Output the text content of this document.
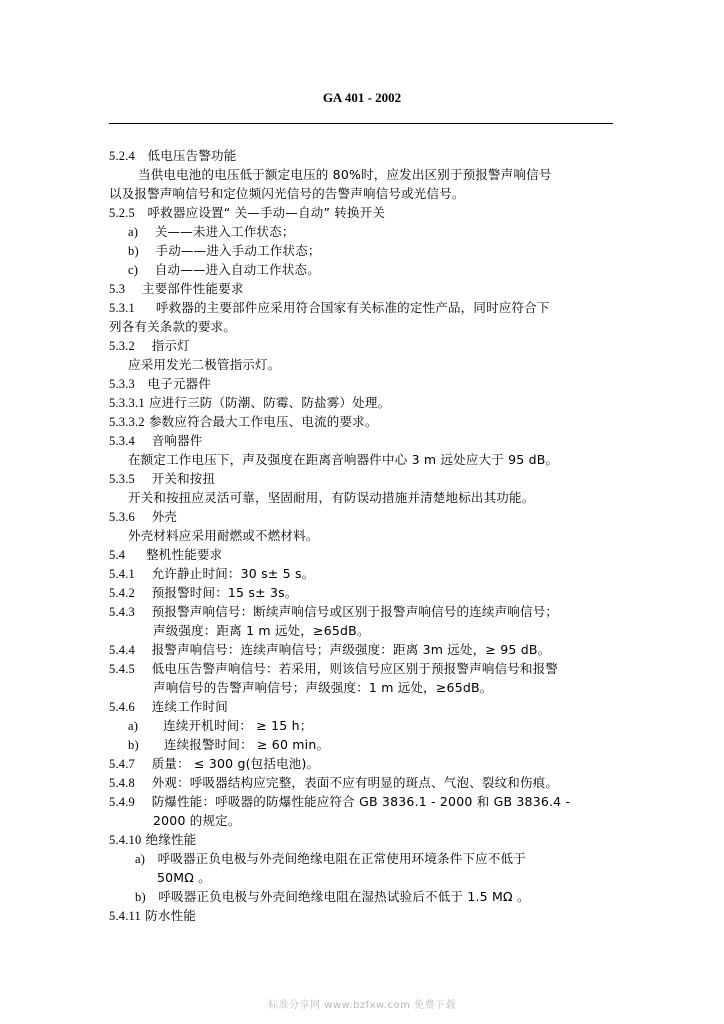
GA 401 - 2002
5.2.4 低电压告警功能
当供电电池的电压低于额定电压的 80%时，应发出区别于预报警声响信号
以及报警声响信号和定位频闪光信号的告警声响信号或光信号。
5.2.5 呼救器应设置“ 关—手动—自动” 转换开关
a) 关——未进入工作状态；
b) 手动——进入手动工作状态；
c) 自动——进入自动工作状态。
5.3 主要部件性能要求
5.3.1 呼救器的主要部件应采用符合国家有关标准的定性产品，同时应符合下
列各有关条款的要求。
5.3.2 指示灯
应采用发光二极管指示灯。
5.3.3 电子元器件
5.3.3.1 应进行三防（防潮、防霉、防盐雾）处理。
5.3.3.2 参数应符合最大工作电压、电流的要求。
5.3.4 音响器件
在额定工作电压下，声及强度在距离音响器件中心 3 m 远处应大于 95 dB。
5.3.5 开关和按扭
开关和按扭应灵活可靠，坚固耐用，有防误动措施并清楚地标出其功能。
5.3.6 外壳
外壳材料应采用耐燃或不燃材料。
5.4 整机性能要求
5.4.1 允许静止时间：30 s± 5 s。
5.4.2 预报警时间：15 s± 3s。
5.4.3 预报警声响信号：断续声响信号或区别于报警声响信号的连续声响信号；
声级强度：距离 1 m 远处，≥65dB。
5.4.4 报警声响信号：连续声响信号；声级强度：距离 3m 远处，≥ 95 dB。
5.4.5 低电压告警声响信号：若采用，则该信号应区别于预报警声响信号和报警
声响信号的告警声响信号；声级强度：1 m 远处，≥65dB。
5.4.6 连续工作时间
a) 连续开机时间： ≥ 15 h；
b) 连续报警时间： ≥ 60 min。
5.4.7 质量： ≤ 300 g(包括电池)。
5.4.8 外观：呼吸器结构应完整，表面不应有明显的斑点、气泡、裂纹和伤痕。
5.4.9 防爆性能：呼吸器的防爆性能应符合 GB 3836.1 - 2000 和 GB 3836.4 -
2000 的规定。
5.4.10 绝缘性能
a) 呼吸器正负电极与外壳间绝缘电阻在正常使用环境条件下应不低于
50MΩ 。
b) 呼吸器正负电极与外壳间绝缘电阻在湿热试验后不低于 1.5 MΩ 。
5.4.11 防水性能
标准分享网 www.bzfxw.com 免费下载
